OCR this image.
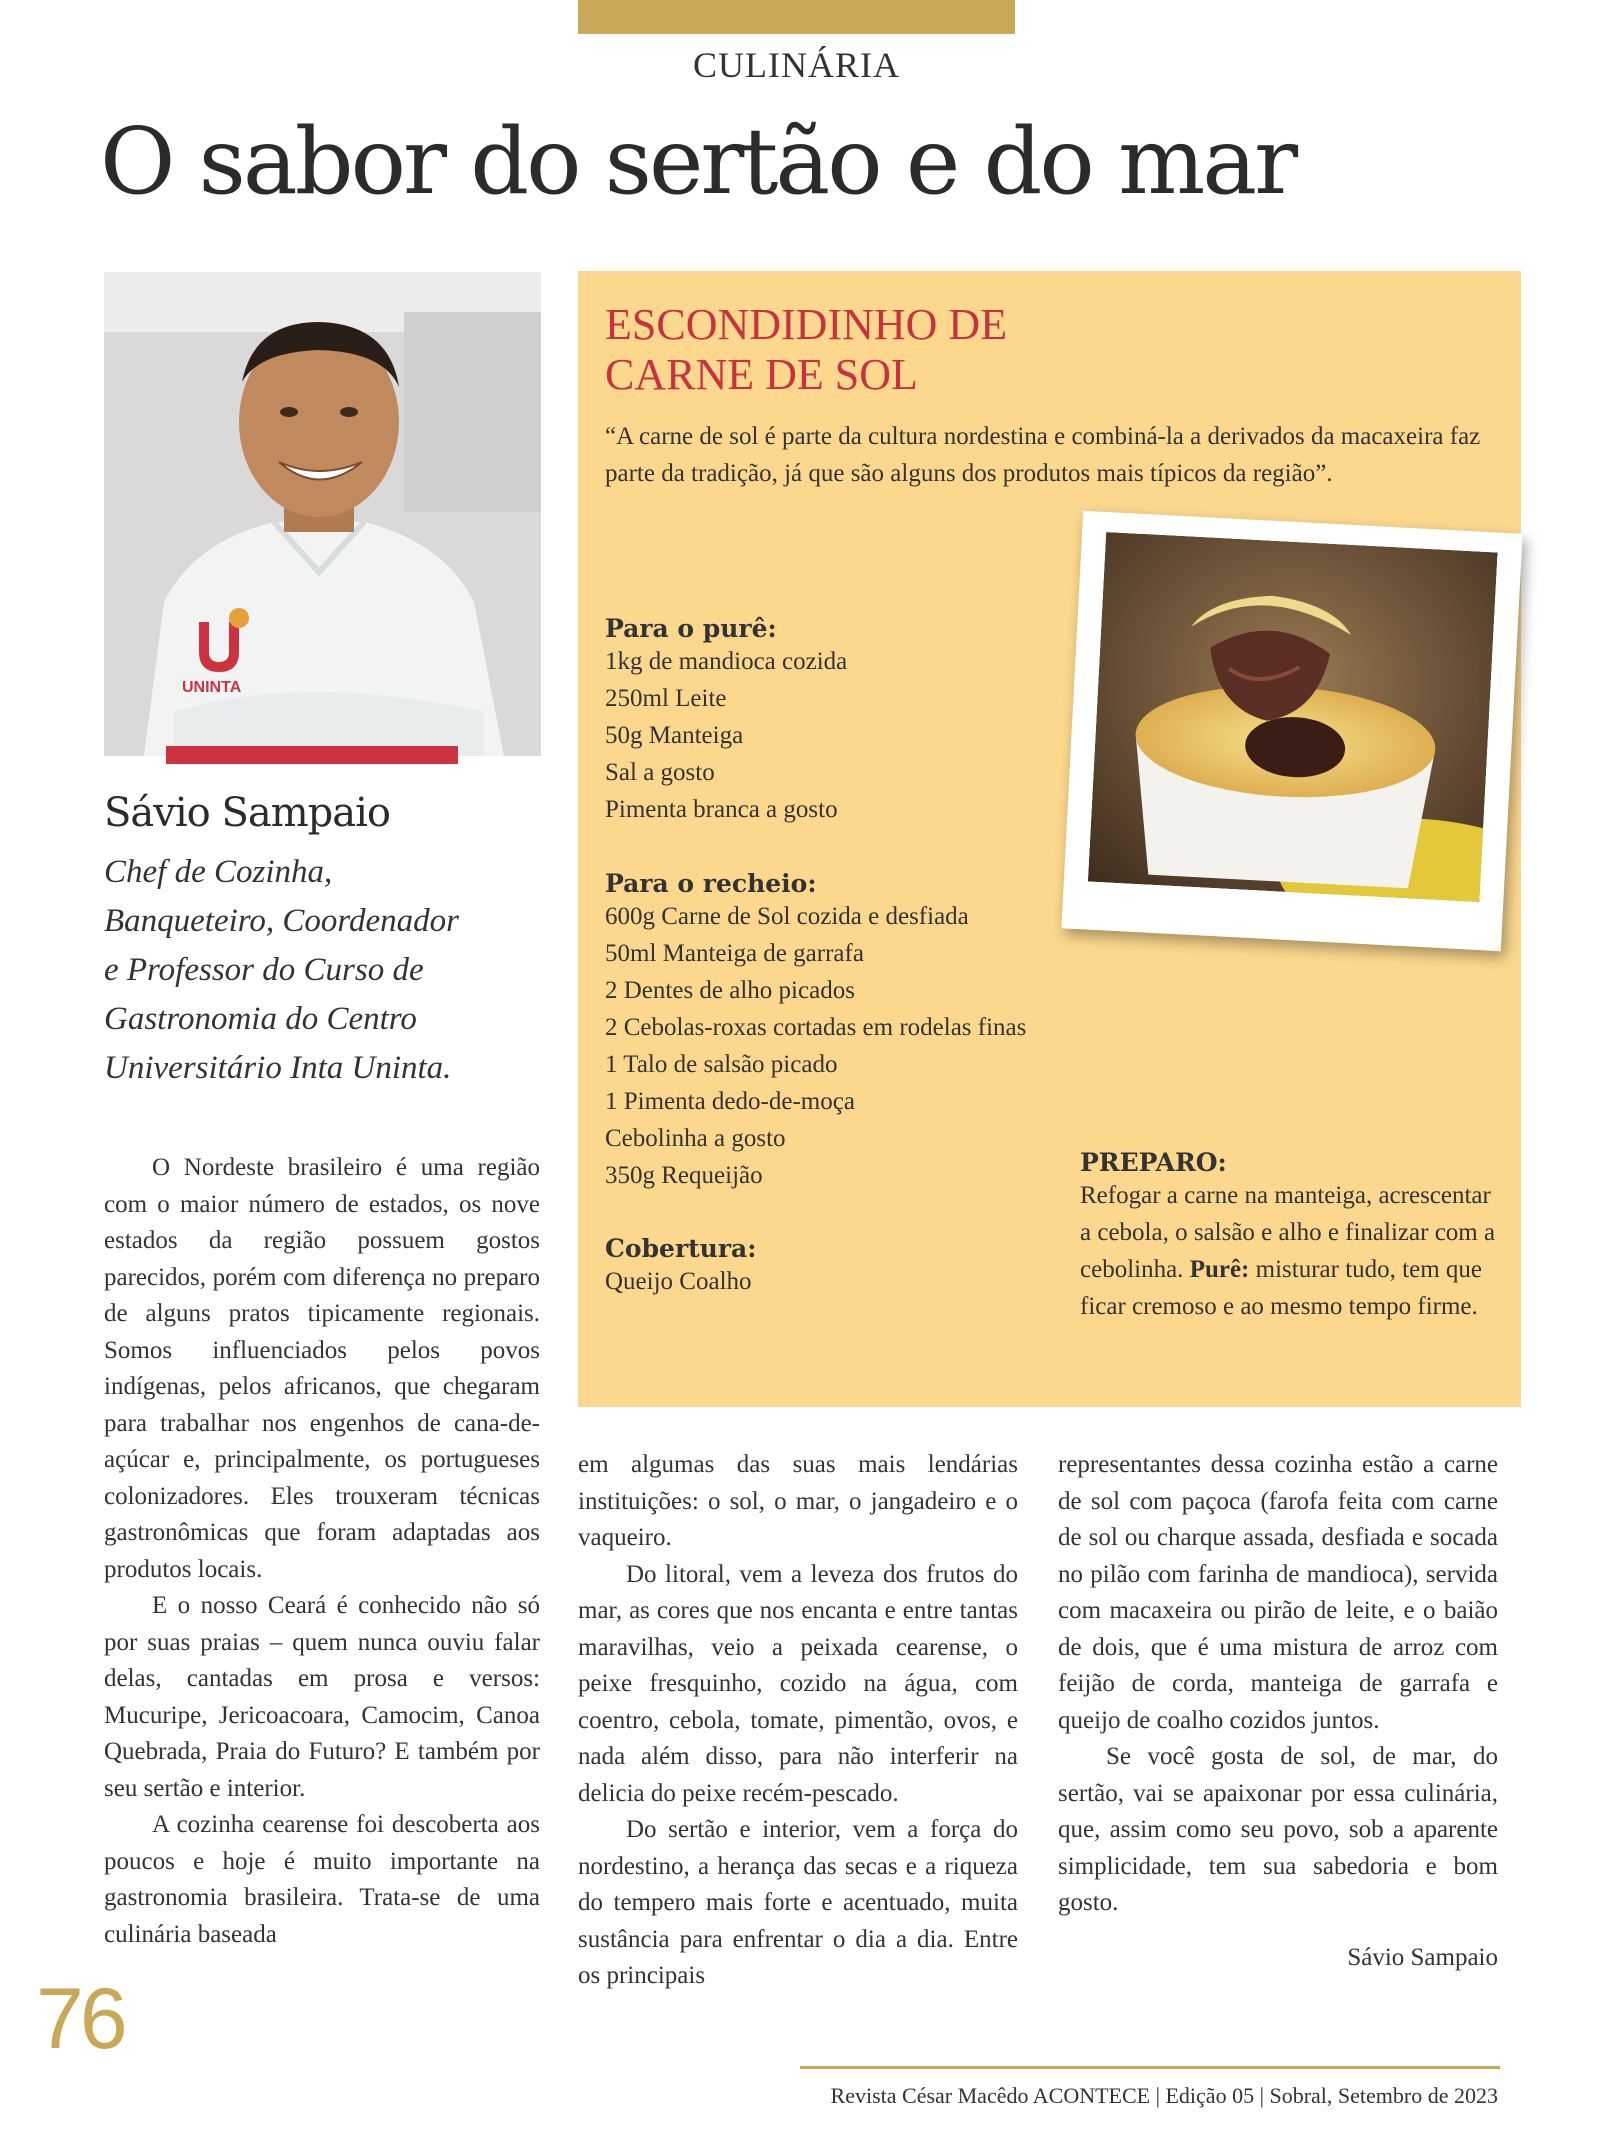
CULINÁRIA
O sabor do sertão e do mar
UNINTA
Sávio Sampaio
Chef de Cozinha,
Banqueteiro, Coordenador
e Professor do Curso de
Gastronomia do Centro
Universitário Inta Uninta.
ESCONDIDINHO DE
CARNE DE SOL
“A carne de sol é parte da cultura nordestina e combiná-la a derivados da macaxeira faz parte da tradição, já que são alguns dos produtos mais típicos da região”.
Para o purê:
1kg de mandioca cozida
250ml Leite
50g Manteiga
Sal a gosto
Pimenta branca a gosto
Para o recheio:
600g Carne de Sol cozida e desfiada
50ml Manteiga de garrafa
2 Dentes de alho picados
2 Cebolas-roxas cortadas em rodelas finas
1 Talo de salsão picado
1 Pimenta dedo-de-moça
Cebolinha a gosto
350g Requeijão
Cobertura:
Queijo Coalho
PREPARO:
Refogar a carne na manteiga, acrescentar a cebola, o salsão e alho e finalizar com a cebolinha. Purê: misturar tudo, tem que ficar cremoso e ao mesmo tempo firme.

O Nordeste brasileiro é uma região com o maior número de estados, os nove estados da região possuem gostos parecidos, porém com diferença no preparo de alguns pratos tipicamente regionais. Somos influenciados pelos povos indígenas, pelos africanos, que chegaram para trabalhar nos engenhos de cana-de-açúcar e, principalmente, os portugueses colonizadores. Eles trouxeram técnicas gastronômicas que foram adaptadas aos produtos locais.

E o nosso Ceará é conhecido não só por suas praias – quem nunca ouviu falar delas, cantadas em prosa e versos: Mucuripe, Jericoacoara, Camocim, Canoa Quebrada, Praia do Futuro? E também por seu sertão e interior.

A cozinha cearense foi descoberta aos poucos e hoje é muito importante na gastronomia brasileira. Trata-se de uma culinária baseada

em algumas das suas mais lendárias instituições: o sol, o mar, o jangadeiro e o vaqueiro.

Do litoral, vem a leveza dos frutos do mar, as cores que nos encanta e entre tantas maravilhas, veio a peixada cearense, o peixe fresquinho, cozido na água, com coentro, cebola, tomate, pimentão, ovos, e nada além disso, para não interferir na delicia do peixe recém-pescado.

Do sertão e interior, vem a força do nordestino, a herança das secas e a riqueza do tempero mais forte e acentuado, muita sustância para enfrentar o dia a dia. Entre os principais

representantes dessa cozinha estão a carne de sol com paçoca (farofa feita com carne de sol ou charque assada, desfiada e socada no pilão com farinha de mandioca), servida com macaxeira ou pirão de leite, e o baião de dois, que é uma mistura de arroz com feijão de corda, manteiga de garrafa e queijo de coalho cozidos juntos.

Se você gosta de sol, de mar, do sertão, vai se apaixonar por essa culinária, que, assim como seu povo, sob a aparente simplicidade, tem sua sabedoria e bom gosto.

Sávio Sampaio
76
Revista César Macêdo ACONTECE | Edição 05 | Sobral, Setembro de 2023
